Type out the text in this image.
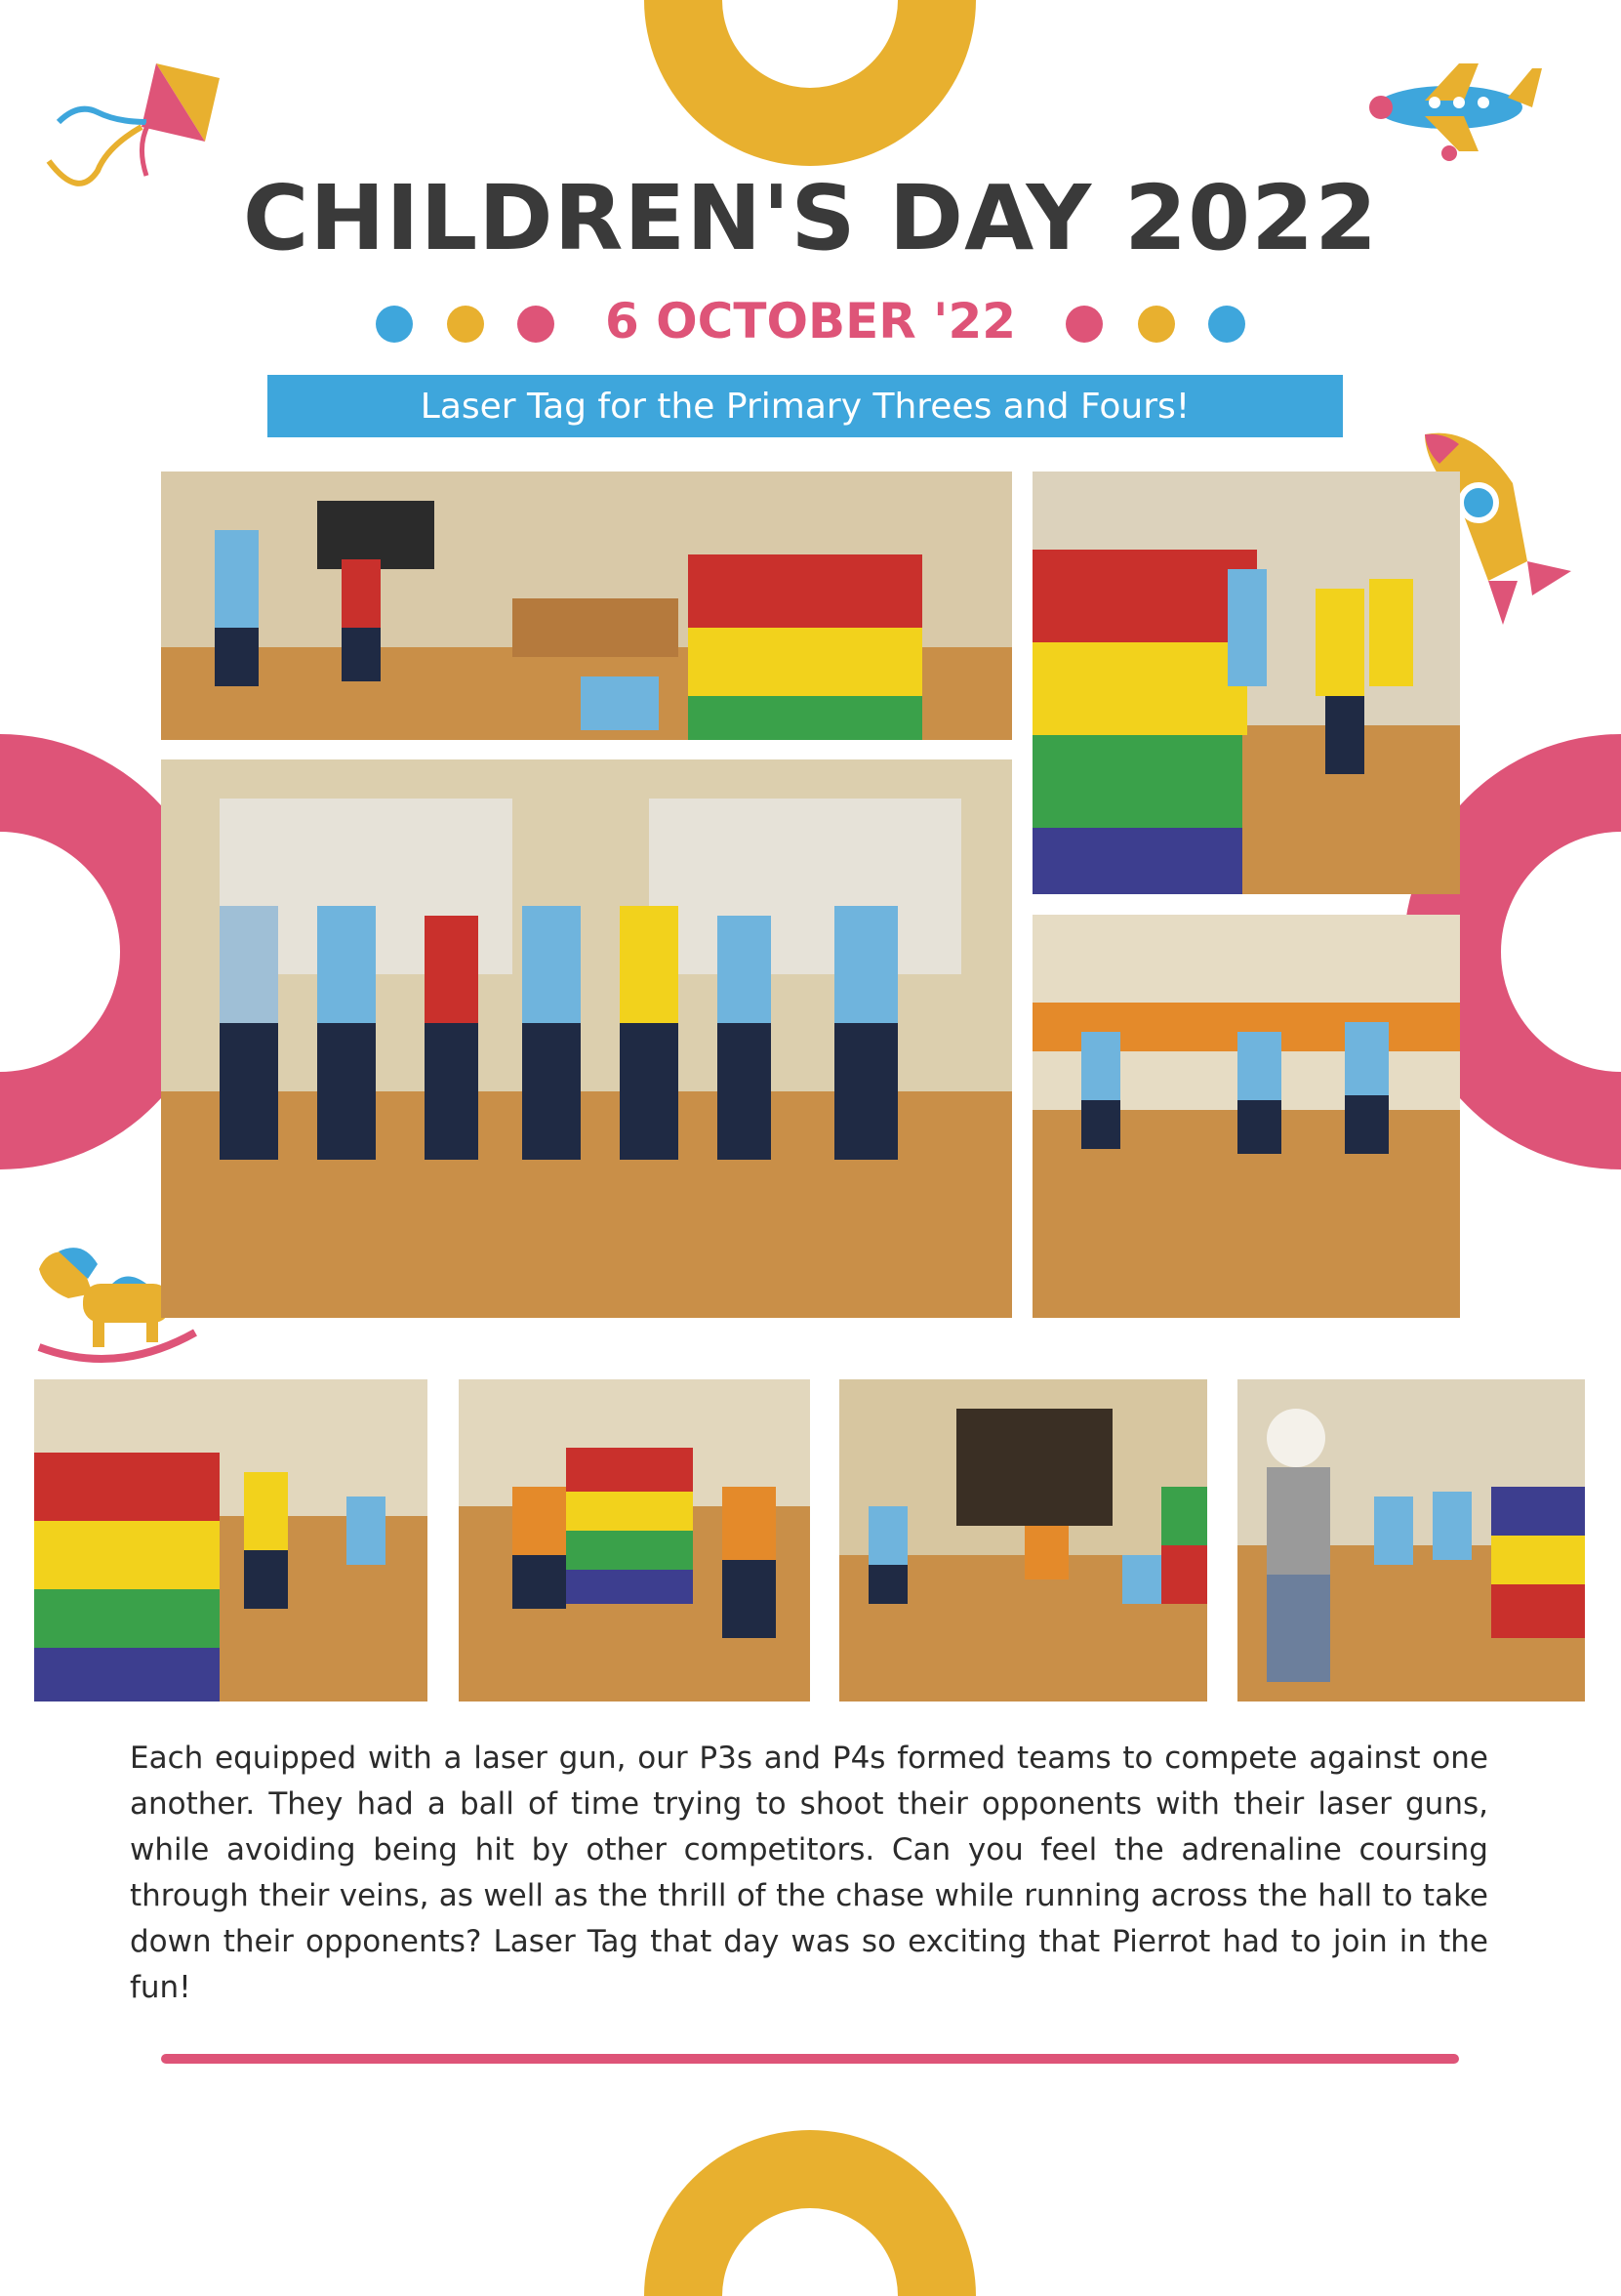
CHILDREN'S DAY 2022
6 OCTOBER '22
Laser Tag for the Primary Threes and Fours!
Each equipped with a laser gun, our P3s and P4s formed teams to compete against one another. They had a ball of time trying to shoot their opponents with their laser guns, while avoiding being hit by other competitors. Can you feel the adrenaline coursing through their veins, as well as the thrill of the chase while running across the hall to take down their opponents? Laser Tag that day was so exciting that Pierrot had to join in the fun!
